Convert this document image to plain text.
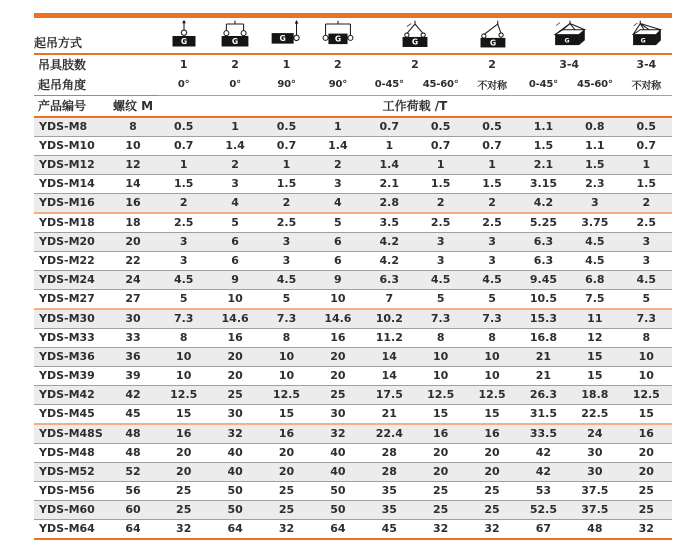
起吊方式		G	G	G	G	G		G	G		G

吊具肢数		1	2	1	2	2		2	3-4		3-4
起吊角度		0°	0°	90°	90°	0-45°	45-60°	不对称	0-45°	45-60°	不对称
产品编号	螺纹 M	工作荷载 /T									
YDS-M8	8	0.5	1	0.5	1	0.7	0.5	0.5	1.1	0.8	0.5
YDS-M10	10	0.7	1.4	0.7	1.4	1	0.7	0.7	1.5	1.1	0.7
YDS-M12	12	1	2	1	2	1.4	1	1	2.1	1.5	1
YDS-M14	14	1.5	3	1.5	3	2.1	1.5	1.5	3.15	2.3	1.5
YDS-M16	16	2	4	2	4	2.8	2	2	4.2	3	2
YDS-M18	18	2.5	5	2.5	5	3.5	2.5	2.5	5.25	3.75	2.5
YDS-M20	20	3	6	3	6	4.2	3	3	6.3	4.5	3
YDS-M22	22	3	6	3	6	4.2	3	3	6.3	4.5	3
YDS-M24	24	4.5	9	4.5	9	6.3	4.5	4.5	9.45	6.8	4.5
YDS-M27	27	5	10	5	10	7	5	5	10.5	7.5	5
YDS-M30	30	7.3	14.6	7.3	14.6	10.2	7.3	7.3	15.3	11	7.3
YDS-M33	33	8	16	8	16	11.2	8	8	16.8	12	8
YDS-M36	36	10	20	10	20	14	10	10	21	15	10
YDS-M39	39	10	20	10	20	14	10	10	21	15	10
YDS-M42	42	12.5	25	12.5	25	17.5	12.5	12.5	26.3	18.8	12.5
YDS-M45	45	15	30	15	30	21	15	15	31.5	22.5	15
YDS-M48S	48	16	32	16	32	22.4	16	16	33.5	24	16
YDS-M48	48	20	40	20	40	28	20	20	42	30	20
YDS-M52	52	20	40	20	40	28	20	20	42	30	20
YDS-M56	56	25	50	25	50	35	25	25	53	37.5	25
YDS-M60	60	25	50	25	50	35	25	25	52.5	37.5	25
YDS-M64	64	32	64	32	64	45	32	32	67	48	32
